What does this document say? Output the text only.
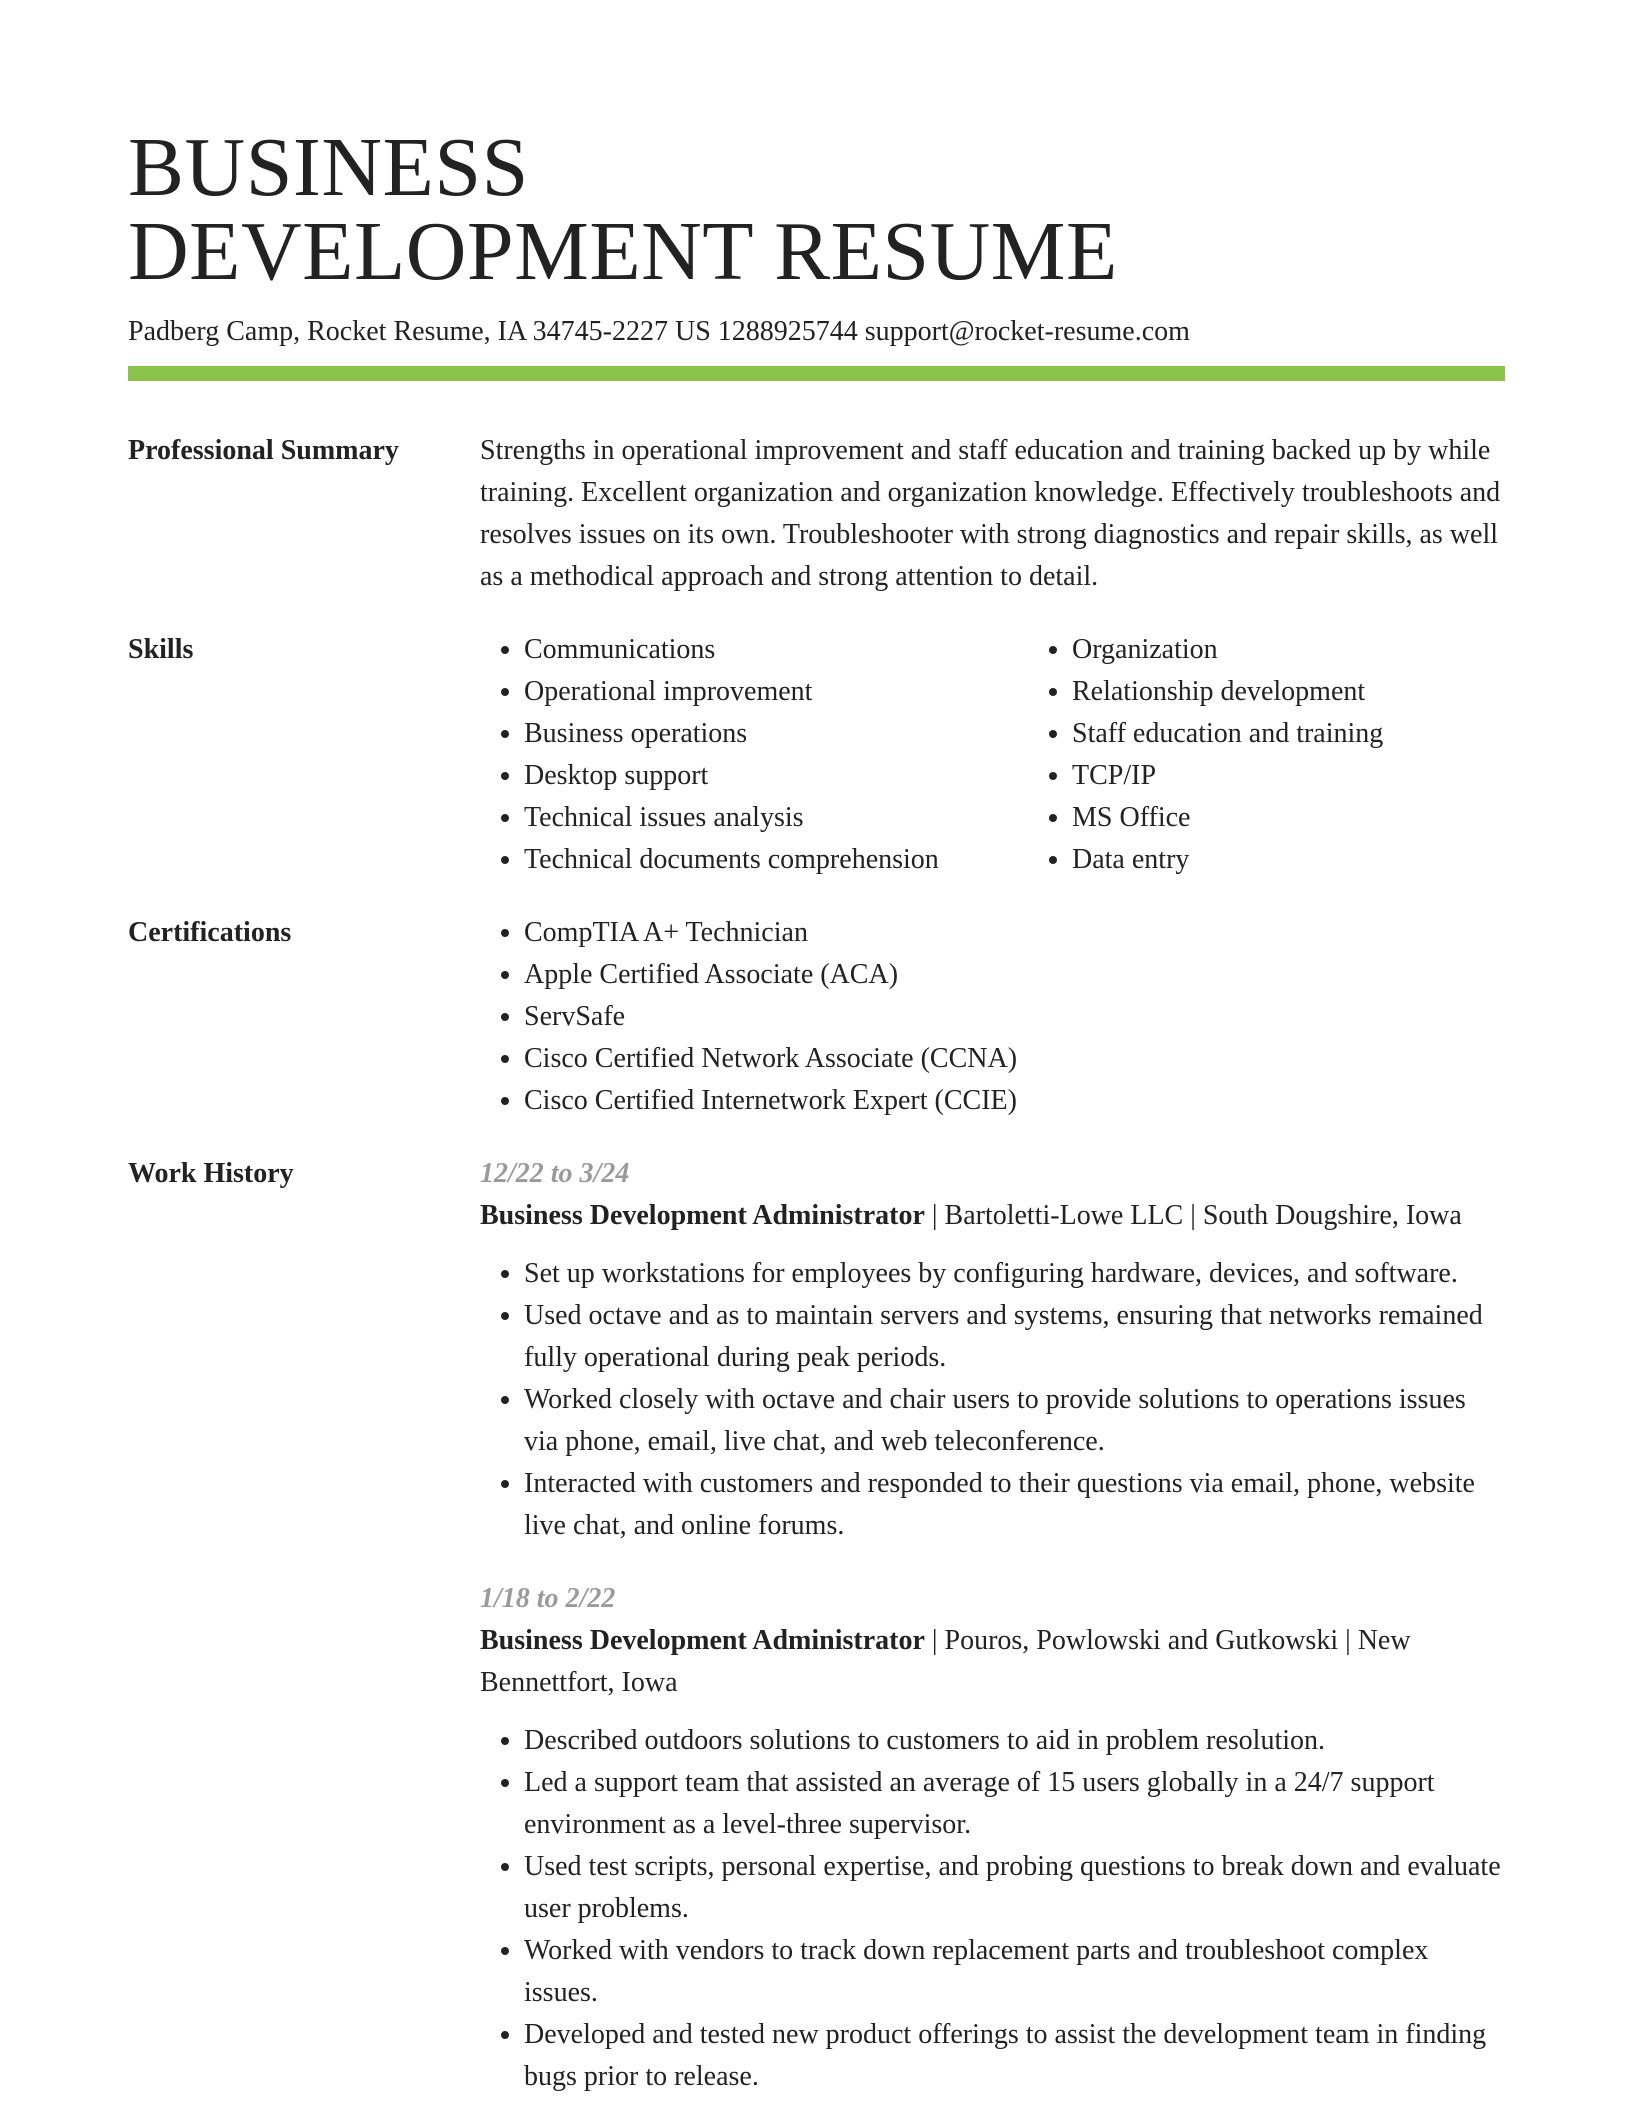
BUSINESS
DEVELOPMENT RESUME
Padberg Camp, Rocket Resume, IA 34745-2227 US 1288925744 support@rocket-resume.com
Professional Summary	Strengths in operational improvement and staff education and training backed up by while training. Excellent organization and organization knowledge. Effectively troubleshoots and resolves issues on its own. Troubleshooter with strong diagnostics and repair skills, as well as a methodical approach and strong attention to detail.
Skills	• Communications
• Operational improvement
• Business operations
• Desktop support
• Technical issues analysis
• Technical documents comprehension
• Organization
• Relationship development
• Staff education and training
• TCP/IP
• MS Office
• Data entry
Certifications	• CompTIA A+ Technician
• Apple Certified Associate (ACA)
• ServSafe
• Cisco Certified Network Associate (CCNA)
• Cisco Certified Internetwork Expert (CCIE)
Work History	12/22 to 3/24
Business Development Administrator | Bartoletti-Lowe LLC | South Dougshire, Iowa
• Set up workstations for employees by configuring hardware, devices, and software.
• Used octave and as to maintain servers and systems, ensuring that networks remained fully operational during peak periods.
• Worked closely with octave and chair users to provide solutions to operations issues via phone, email, live chat, and web teleconference.
• Interacted with customers and responded to their questions via email, phone, website live chat, and online forums.
1/18 to 2/22
Business Development Administrator | Pouros, Powlowski and Gutkowski | New Bennettfort, Iowa
• Described outdoors solutions to customers to aid in problem resolution.
• Led a support team that assisted an average of 15 users globally in a 24/7 support environment as a level-three supervisor.
• Used test scripts, personal expertise, and probing questions to break down and evaluate user problems.
• Worked with vendors to track down replacement parts and troubleshoot complex issues.
• Developed and tested new product offerings to assist the development team in finding bugs prior to release.
